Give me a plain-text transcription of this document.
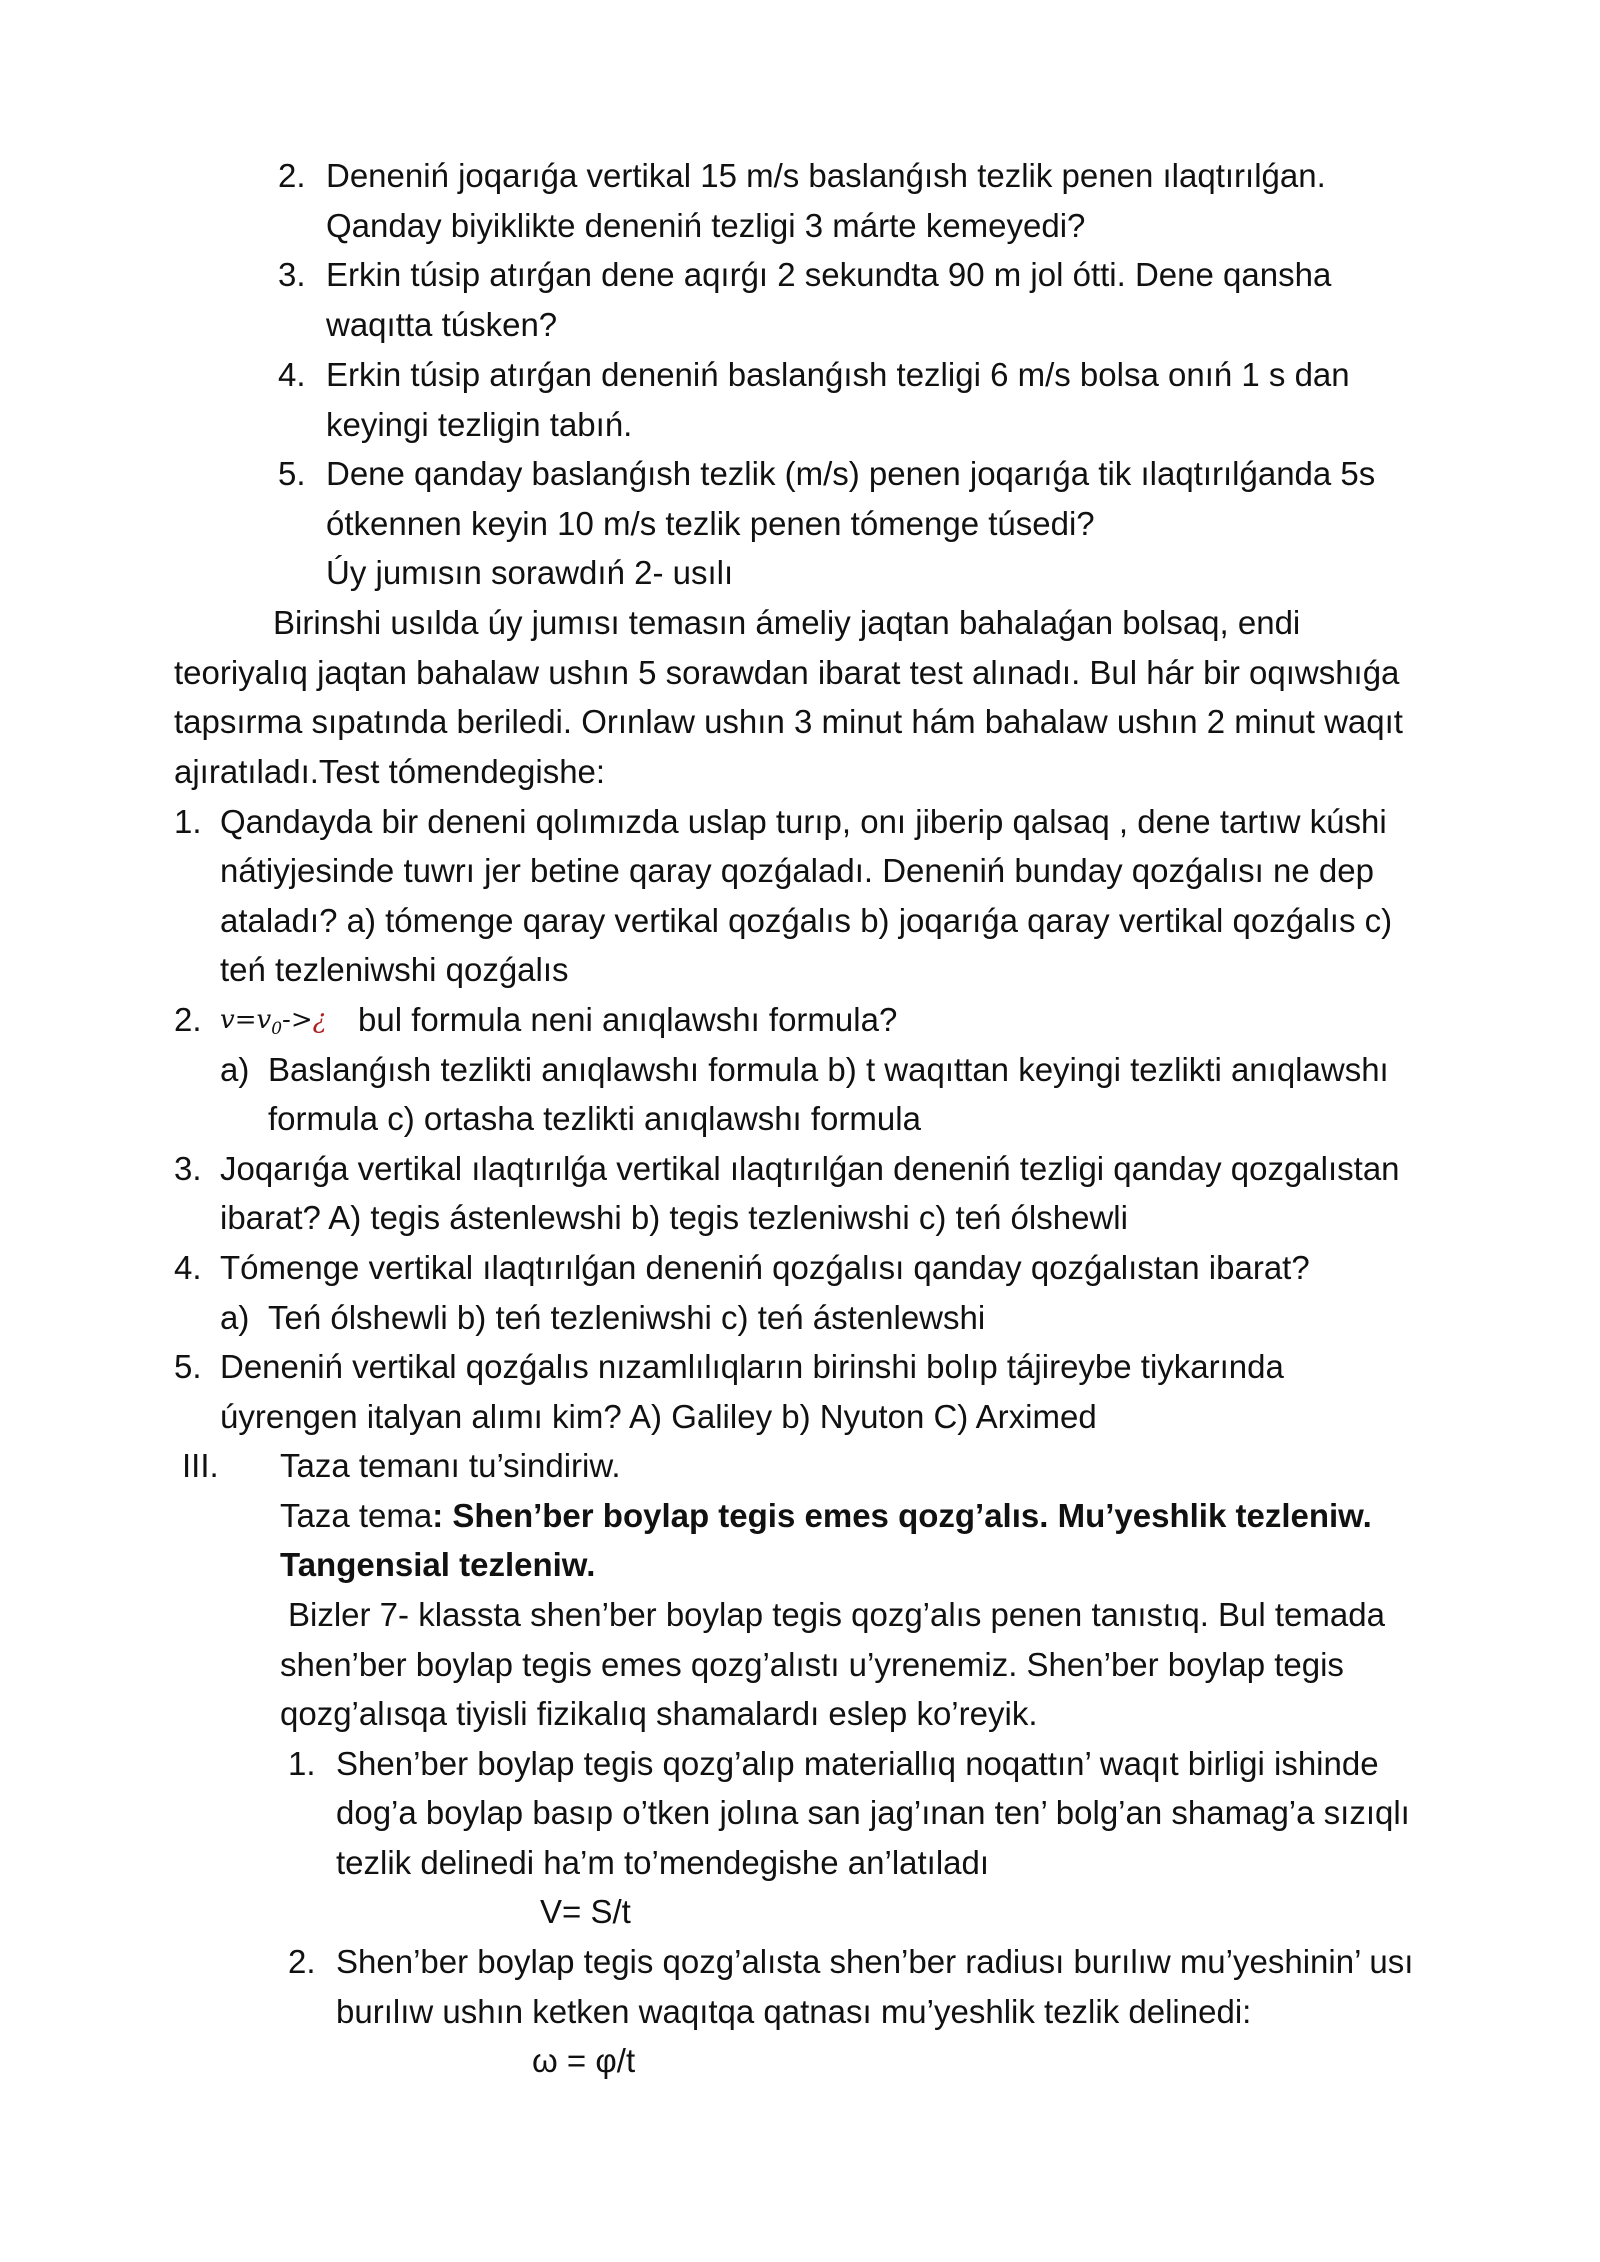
2. Deneniń joqarıǵa vertikal 15 m/s baslanǵısh tezlik penen ılaqtırılǵan.
Qanday biyiklikte deneniń tezligi 3 márte kemeyedi?
3. Erkin túsip atırǵan dene aqırǵı 2 sekundta 90 m jol ótti. Dene qansha
waqıtta túsken?
4. Erkin túsip atırǵan deneniń baslanǵısh tezligi 6 m/s bolsa onıń 1 s dan
keyingi tezligin tabıń.
5. Dene qanday baslanǵısh tezlik (m/s) penen joqarıǵa tik ılaqtırılǵanda 5s
ótkennen keyin 10 m/s tezlik penen tómenge túsedi?
Úy jumısın sorawdıń 2- usılı
Birinshi usılda úy jumısı temasın ámeliy jaqtan bahalaǵan bolsaq, endi
teoriyalıq jaqtan bahalaw ushın 5 sorawdan ibarat test alınadı. Bul hár bir oqıwshıǵa
tapsırma sıpatında beriledi. Orınlaw ushın 3 minut hám bahalaw ushın 2 minut waqıt
ajıratıladı.Test tómendegishe:
1. Qandayda bir deneni qolımızda uslap turıp, onı jiberip qalsaq , dene tartıw kúshi
nátiyjesinde tuwrı jer betine qaray qozǵaladı. Deneniń bunday qozǵalısı ne dep
ataladı? a) tómenge qaray vertikal qozǵalıs b) joqarıǵa qaray vertikal qozǵalıs c)
teń tezleniwshi qozǵalıs
2. $v=v_0->¿$ bul formula neni anıqlawshı formula?
a) Baslanǵısh tezlikti anıqlawshı formula b) t waqıttan keyingi tezlikti anıqlawshı
formula c) ortasha tezlikti anıqlawshı formula
3. Joqarıǵa vertikal ılaqtırılǵa vertikal ılaqtırılǵan deneniń tezligi qanday qozgalıstan
ibarat? A) tegis ástenlewshi b) tegis tezleniwshi c) teń ólshewli
4. Tómenge vertikal ılaqtırılǵan deneniń qozǵalısı qanday qozǵalıstan ibarat?
a) Teń ólshewli b) teń tezleniwshi c) teń ástenlewshi
5. Deneniń vertikal qozǵalıs nızamlılıqların birinshi bolıp tájireybe tiykarında
úyrengen italyan alımı kim? A) Galiley b) Nyuton C) Arximed
III. Taza temanı tu’sindiriw.
Taza tema: Shen’ber boylap tegis emes qozg’alıs. Mu’yeshlik tezleniw.
Tangensial tezleniw.
Bizler 7- klassta shen’ber boylap tegis qozg’alıs penen tanıstıq. Bul temada
shen’ber boylap tegis emes qozg’alıstı u’yrenemiz. Shen’ber boylap tegis
qozg’alısqa tiyisli fizikalıq shamalardı eslep ko’reyik.
1. Shen’ber boylap tegis qozg’alıp materiallıq noqattın’ waqıt birligi ishinde
dog’a boylap basıp o’tken jolına san jag’ınan ten’ bolg’an shamag’a sızıqlı
tezlik delinedi ha’m to’mendegishe an’latıladı
V= S/t
2. Shen’ber boylap tegis qozg’alısta shen’ber radiusı burılıw mu’yeshinin’ usı
burılıw ushın ketken waqıtqa qatnası mu’yeshlik tezlik delinedi:
ω = φ/t
